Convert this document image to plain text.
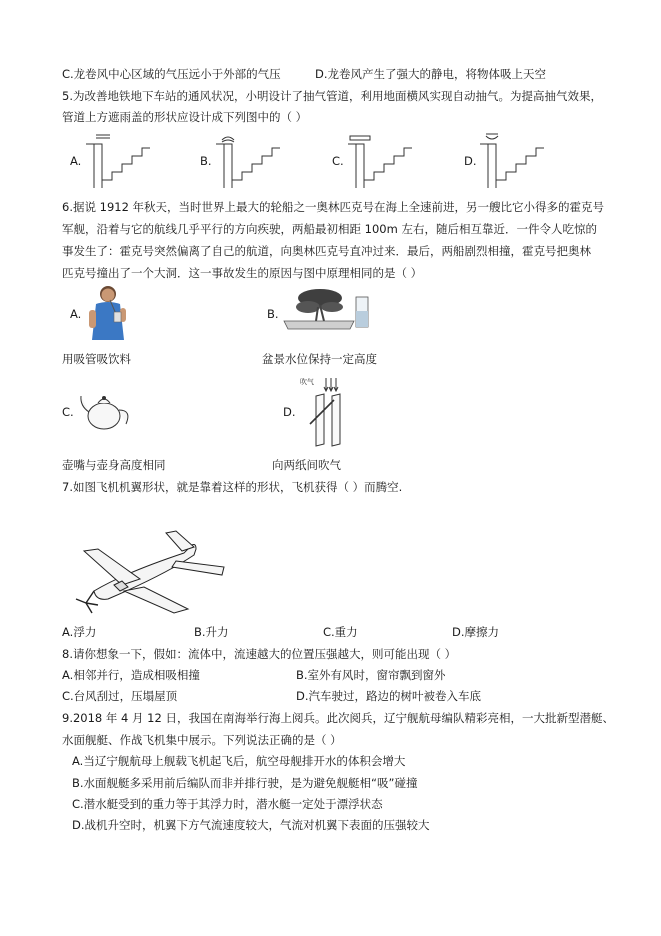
C.龙卷风中心区域的气压远小于外部的气压	D.龙卷风产生了强大的静电，将物体吸上天空
5.为改善地铁地下车站的通风状况，小明设计了抽气管道，利用地面横风实现自动抽气。为提高抽气效果，
管道上方遮雨盖的形状应设计成下列图中的（ ）
A.	B.	C.	D.
6.据说 1912 年秋天，当时世界上最大的轮船之一奥林匹克号在海上全速前进，另一艘比它小得多的霍克号
军舰，沿着与它的航线几乎平行的方向疾驶，两船最初相距 100m 左右，随后相互靠近．一件令人吃惊的
事发生了：霍克号突然偏离了自己的航道，向奥林匹克号直冲过来．最后，两船剧烈相撞，霍克号把奥林
匹克号撞出了一个大洞．这一事故发生的原因与图中原理相同的是（ ）
A.
用吸管吸饮料
B.
盆景水位保持一定高度
C.
壶嘴与壶身高度相同
D.
吹气
向两纸间吹气
7.如图飞机机翼形状，就是靠着这样的形状，飞机获得（ ）而腾空.
A.浮力	B.升力	C.重力	D.摩擦力
8.请你想象一下，假如：流体中，流速越大的位置压强越大，则可能出现（ ）
A.相邻并行，造成相吸相撞	B.室外有风时，窗帘飘到窗外
C.台风刮过，压塌屋顶	D.汽车驶过，路边的树叶被卷入车底
9.2018 年 4 月 12 日，我国在南海举行海上阅兵。此次阅兵，辽宁舰航母编队精彩亮相，一大批新型潜艇、
水面舰艇、作战飞机集中展示。下列说法正确的是（ ）
A.当辽宁舰航母上舰载飞机起飞后，航空母舰排开水的体积会增大
B.水面舰艇多采用前后编队而非并排行驶，是为避免舰艇相“吸”碰撞
C.潜水艇受到的重力等于其浮力时，潜水艇一定处于漂浮状态
D.战机升空时，机翼下方气流速度较大，气流对机翼下表面的压强较大
